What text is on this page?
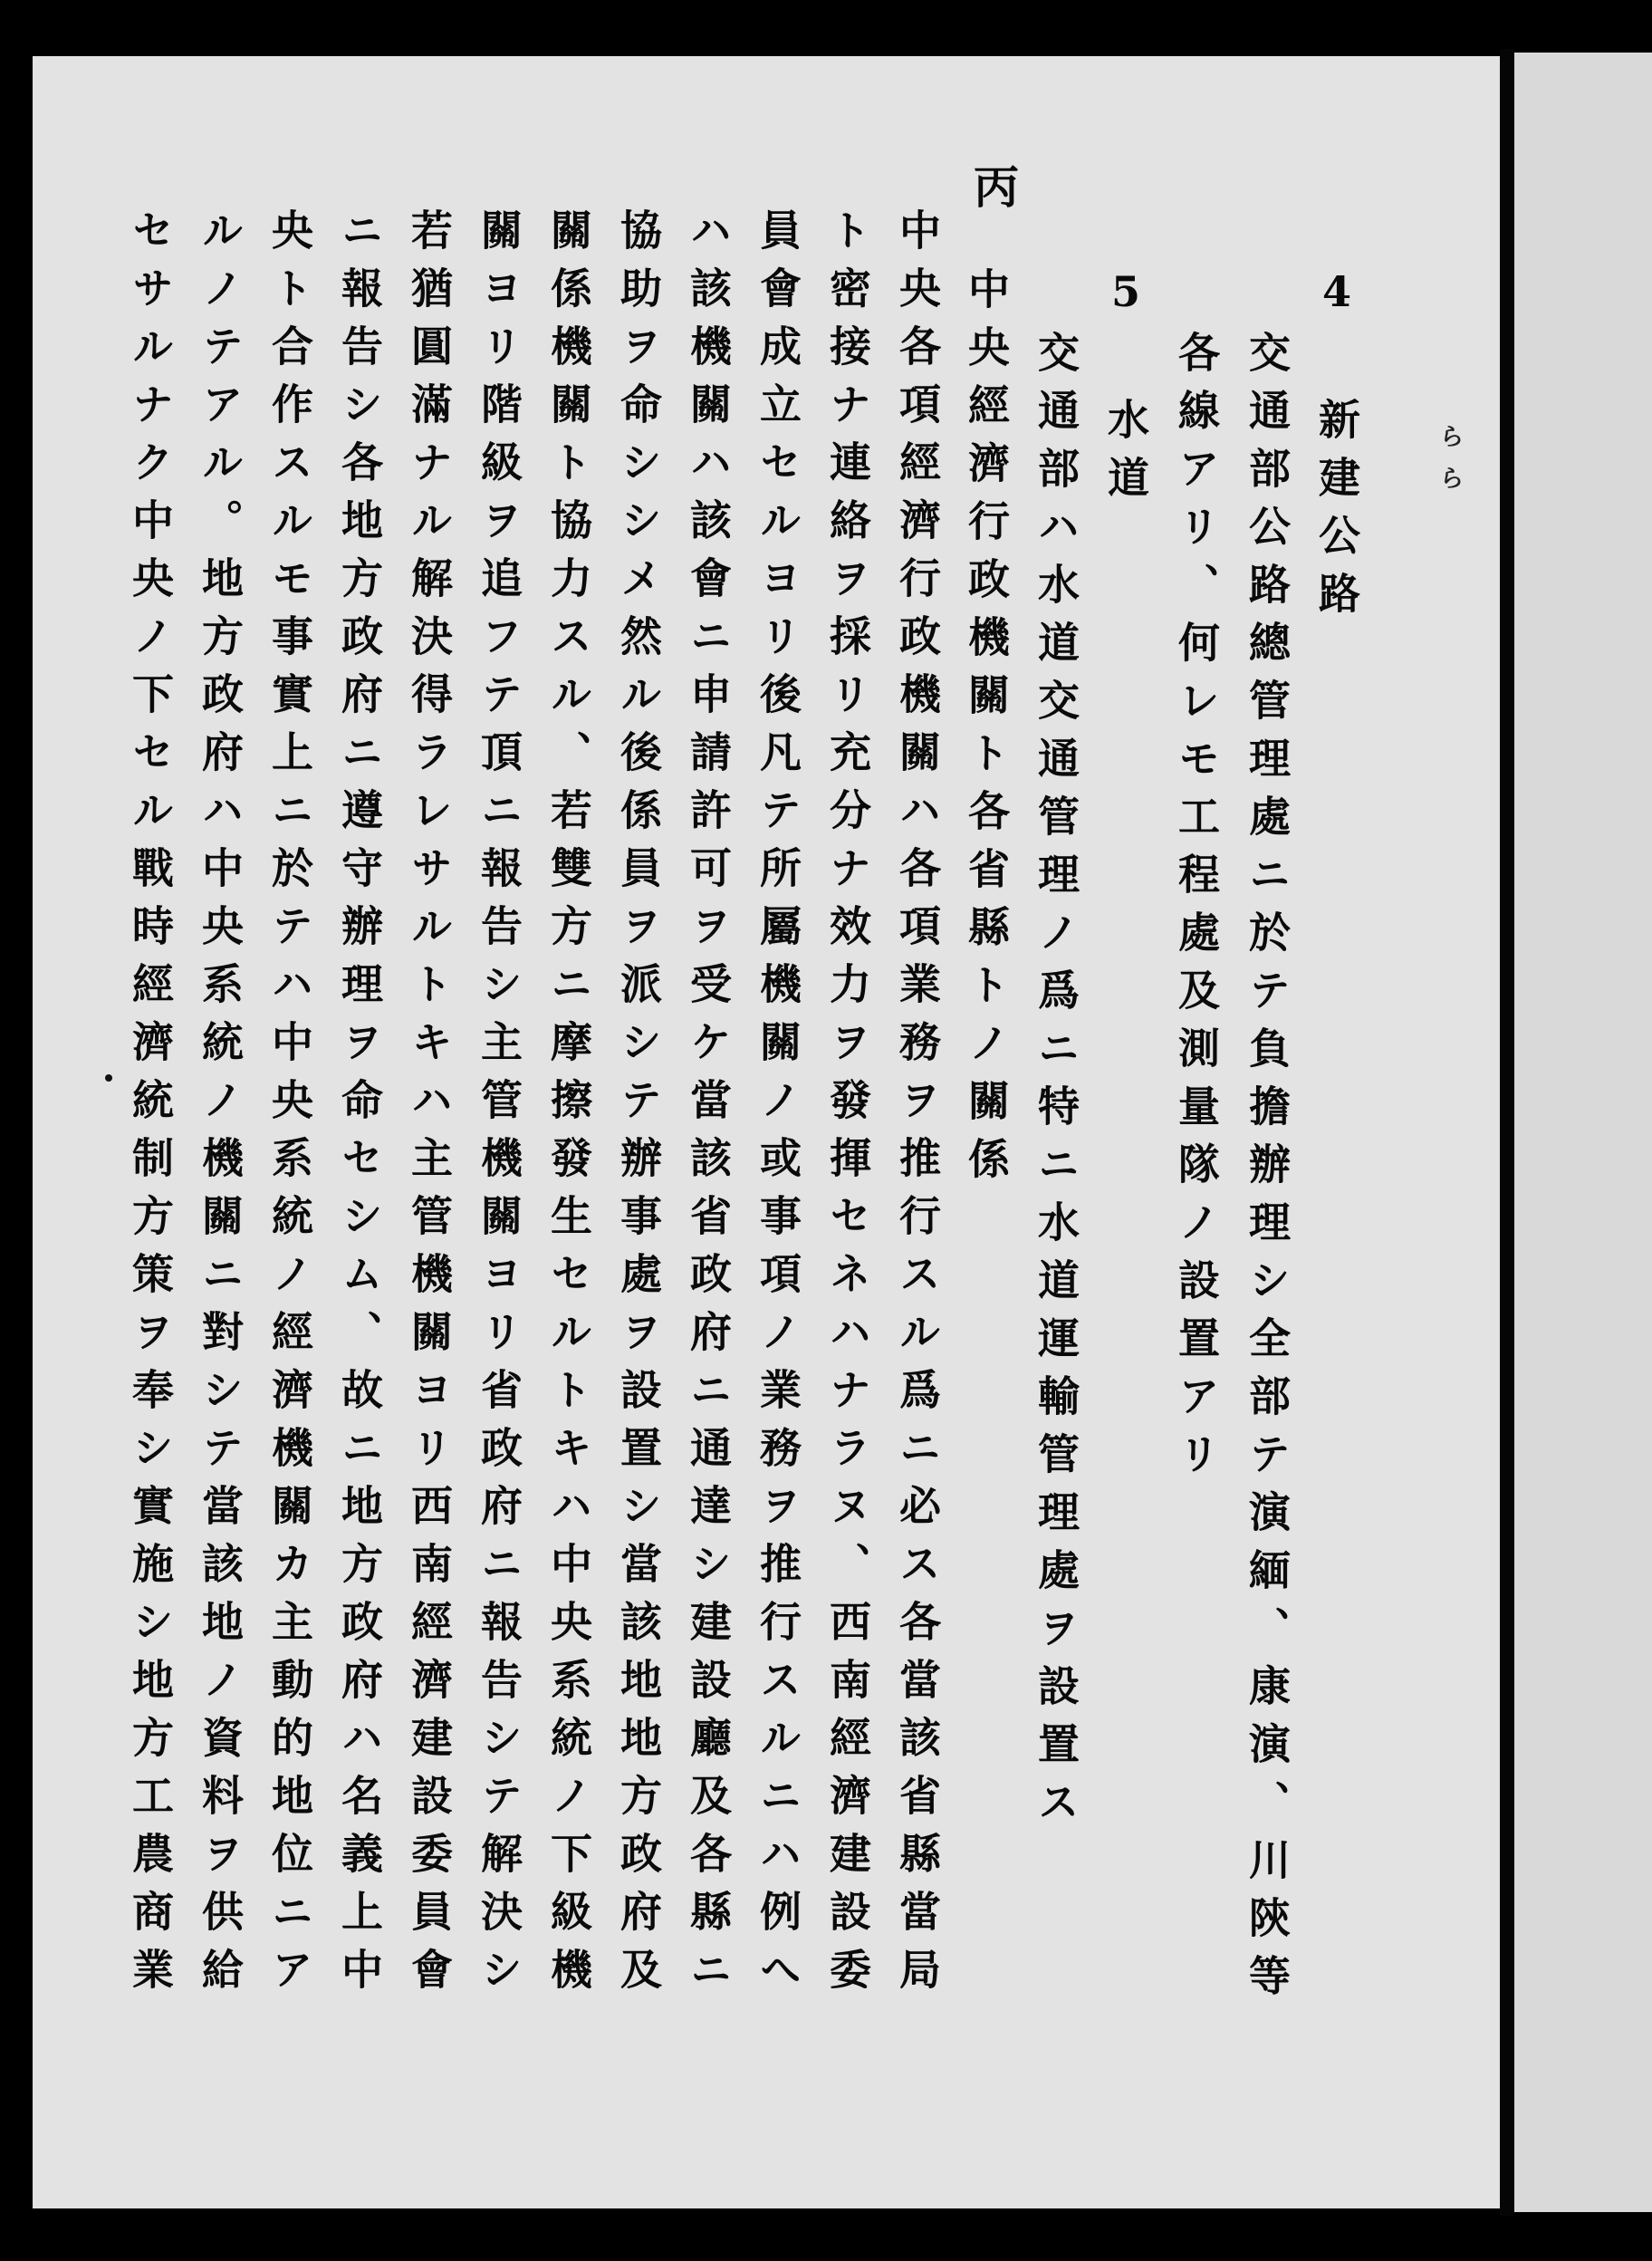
ら
ら
丙
4 新建公路
交通部公路總管理處ニ於テ負擔辦理シ全部テ演緬、康演、川陝等
各線アリ、何レモ工程處及測量隊ノ設置アリ
5 水道
交通部ハ水道交通管理ノ爲ニ特ニ水道運輸管理處ヲ設置ス
中央經濟行政機關ト各省縣トノ關係
中央各項經濟行政機關ハ各項業務ヲ推行スル爲ニ必ス各當該省縣當局
ト密接ナ連絡ヲ採リ充分ナ效力ヲ發揮セネハナラヌ、西南經濟建設委
員會成立セルヨリ後凡テ所屬機關ノ或事項ノ業務ヲ推行スルニハ例へ
ハ該機關ハ該會ニ申請許可ヲ受ケ當該省政府ニ通達シ建設廳及各縣ニ
協助ヲ命シシメ然ル後係員ヲ派シテ辦事處ヲ設置シ當該地地方政府及
關係機關ト協力スル、若雙方ニ摩擦發生セルトキハ中央系統ノ下級機
關ヨリ階級ヲ追フテ頂ニ報告シ主管機關ヨリ省政府ニ報告シテ解決シ
若猶圓滿ナル解決得ラレサルトキハ主管機關ヨリ西南經濟建設委員會
ニ報告シ各地方政府ニ遵守辦理ヲ命セシム、故ニ地方政府ハ名義上中
央ト合作スルモ事實上ニ於テハ中央系統ノ經濟機關カ主動的地位ニア
ルノテアル。地方政府ハ中央系統ノ機關ニ對シテ當該地ノ資料ヲ供給
セサルナク中央ノ下セル戰時經濟統制方策ヲ奉シ實施シ地方工農商業
